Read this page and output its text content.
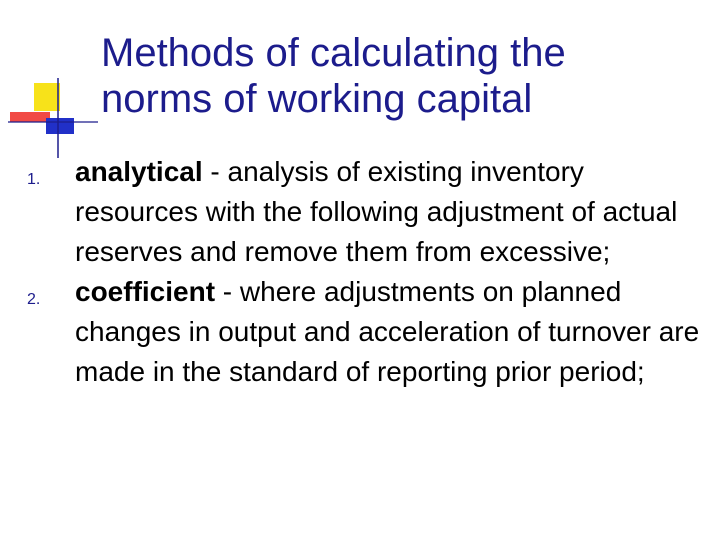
Methods of calculating the
norms of working capital
1. analytical - analysis of existing inventory resources with the following adjustment of actual reserves and remove them from excessive;
2. coefficient - where adjustments on planned changes in output and acceleration of turnover are made in the standard of reporting prior period;
